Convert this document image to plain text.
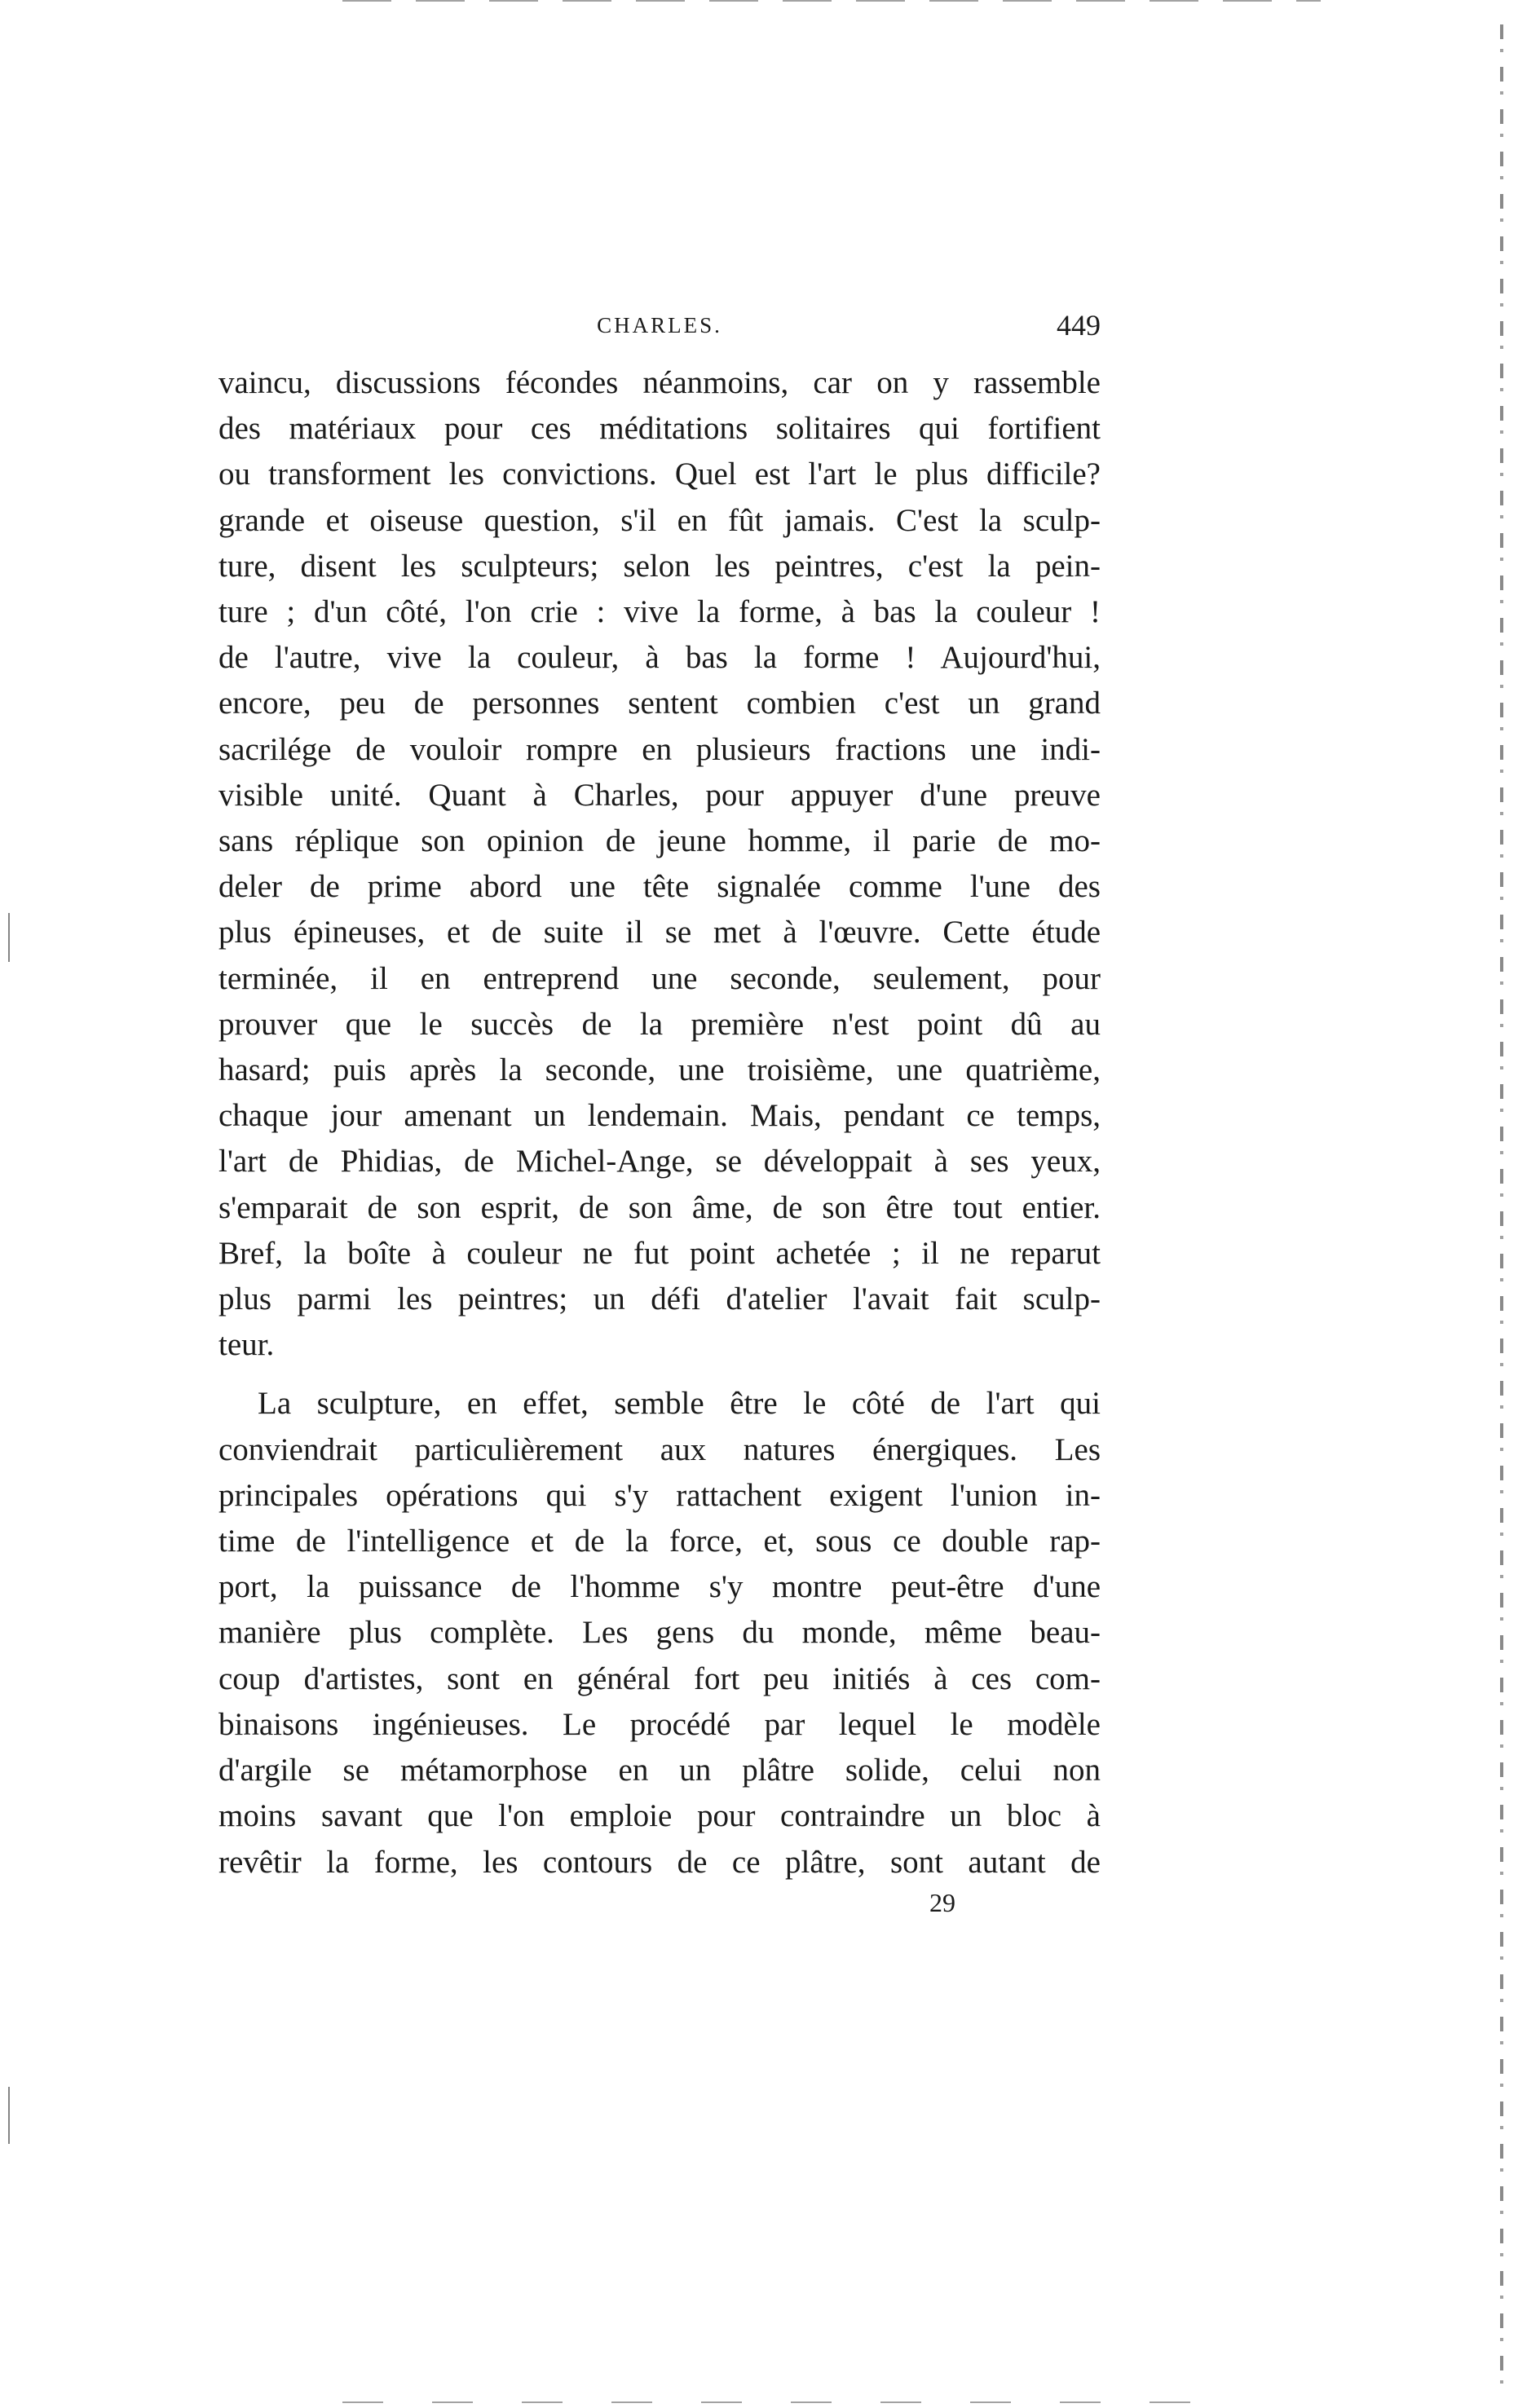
CHARLES.	449
vaincu, discussions fécondes néanmoins, car on y rassemble
des matériaux pour ces méditations solitaires qui fortifient
ou transforment les convictions. Quel est l'art le plus difficile?
grande et oiseuse question, s'il en fût jamais. C'est la sculp-
ture, disent les sculpteurs; selon les peintres, c'est la pein-
ture ; d'un côté, l'on crie : vive la forme, à bas la couleur !
de l'autre, vive la couleur, à bas la forme ! Aujourd'hui,
encore, peu de personnes sentent combien c'est un grand
sacrilége de vouloir rompre en plusieurs fractions une indi-
visible unité. Quant à Charles, pour appuyer d'une preuve
sans réplique son opinion de jeune homme, il parie de mo-
deler de prime abord une tête signalée comme l'une des
plus épineuses, et de suite il se met à l'œuvre. Cette étude
terminée, il en entreprend une seconde, seulement, pour
prouver que le succès de la première n'est point dû au
hasard; puis après la seconde, une troisième, une quatrième,
chaque jour amenant un lendemain. Mais, pendant ce temps,
l'art de Phidias, de Michel-Ange, se développait à ses yeux,
s'emparait de son esprit, de son âme, de son être tout entier.
Bref, la boîte à couleur ne fut point achetée ; il ne reparut
plus parmi les peintres; un défi d'atelier l'avait fait sculp-
teur.
La sculpture, en effet, semble être le côté de l'art qui
conviendrait particulièrement aux natures énergiques. Les
principales opérations qui s'y rattachent exigent l'union in-
time de l'intelligence et de la force, et, sous ce double rap-
port, la puissance de l'homme s'y montre peut-être d'une
manière plus complète. Les gens du monde, même beau-
coup d'artistes, sont en général fort peu initiés à ces com-
binaisons ingénieuses. Le procédé par lequel le modèle
d'argile se métamorphose en un plâtre solide, celui non
moins savant que l'on emploie pour contraindre un bloc à
revêtir la forme, les contours de ce plâtre, sont autant de
29
